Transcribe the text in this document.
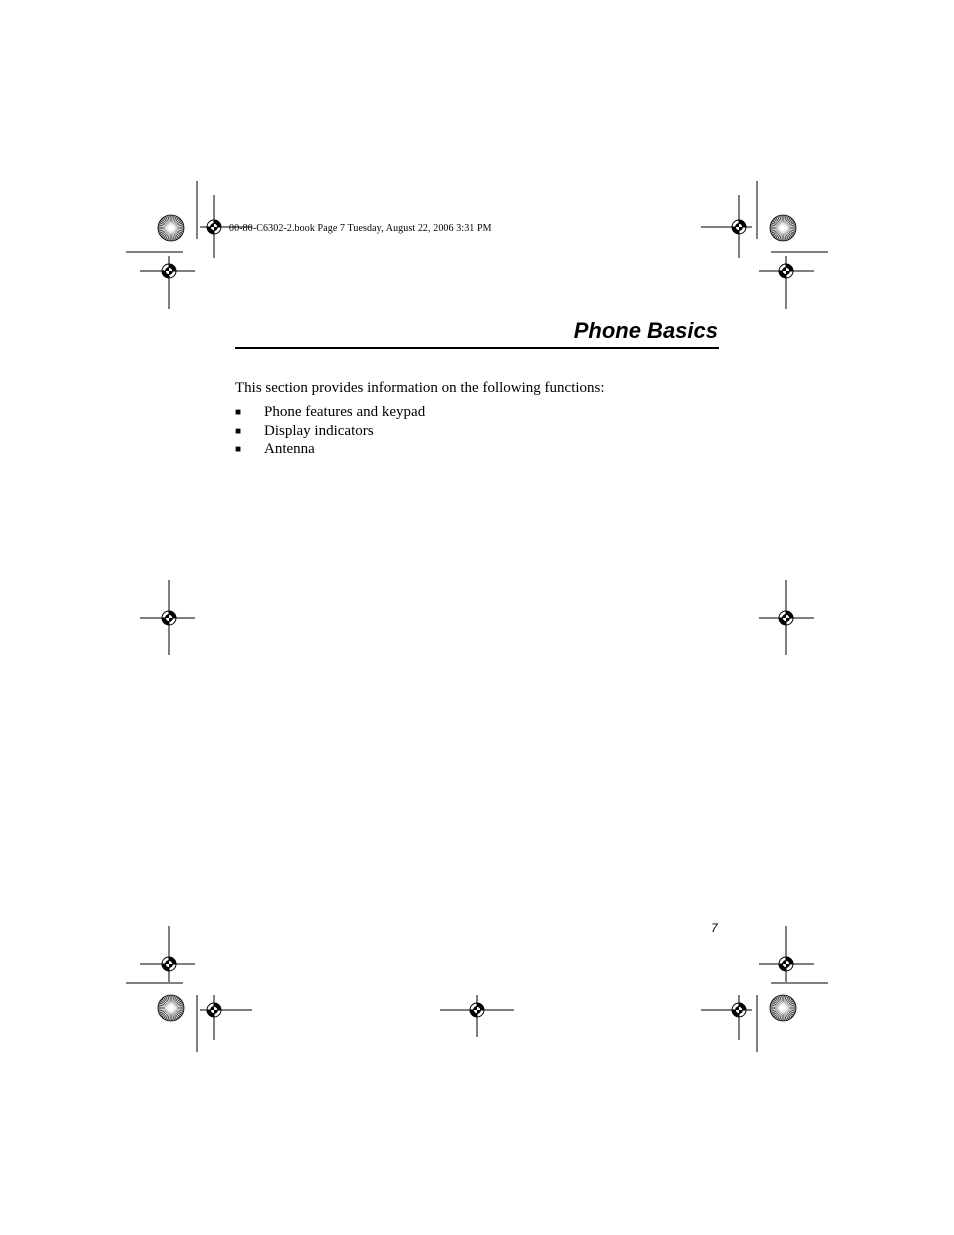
00-80-C6302-2.book Page 7 Tuesday, August 22, 2006 3:31 PM
Phone Basics
This section provides information on the following functions:
■ Phone features and keypad
■ Display indicators
■ Antenna
7
